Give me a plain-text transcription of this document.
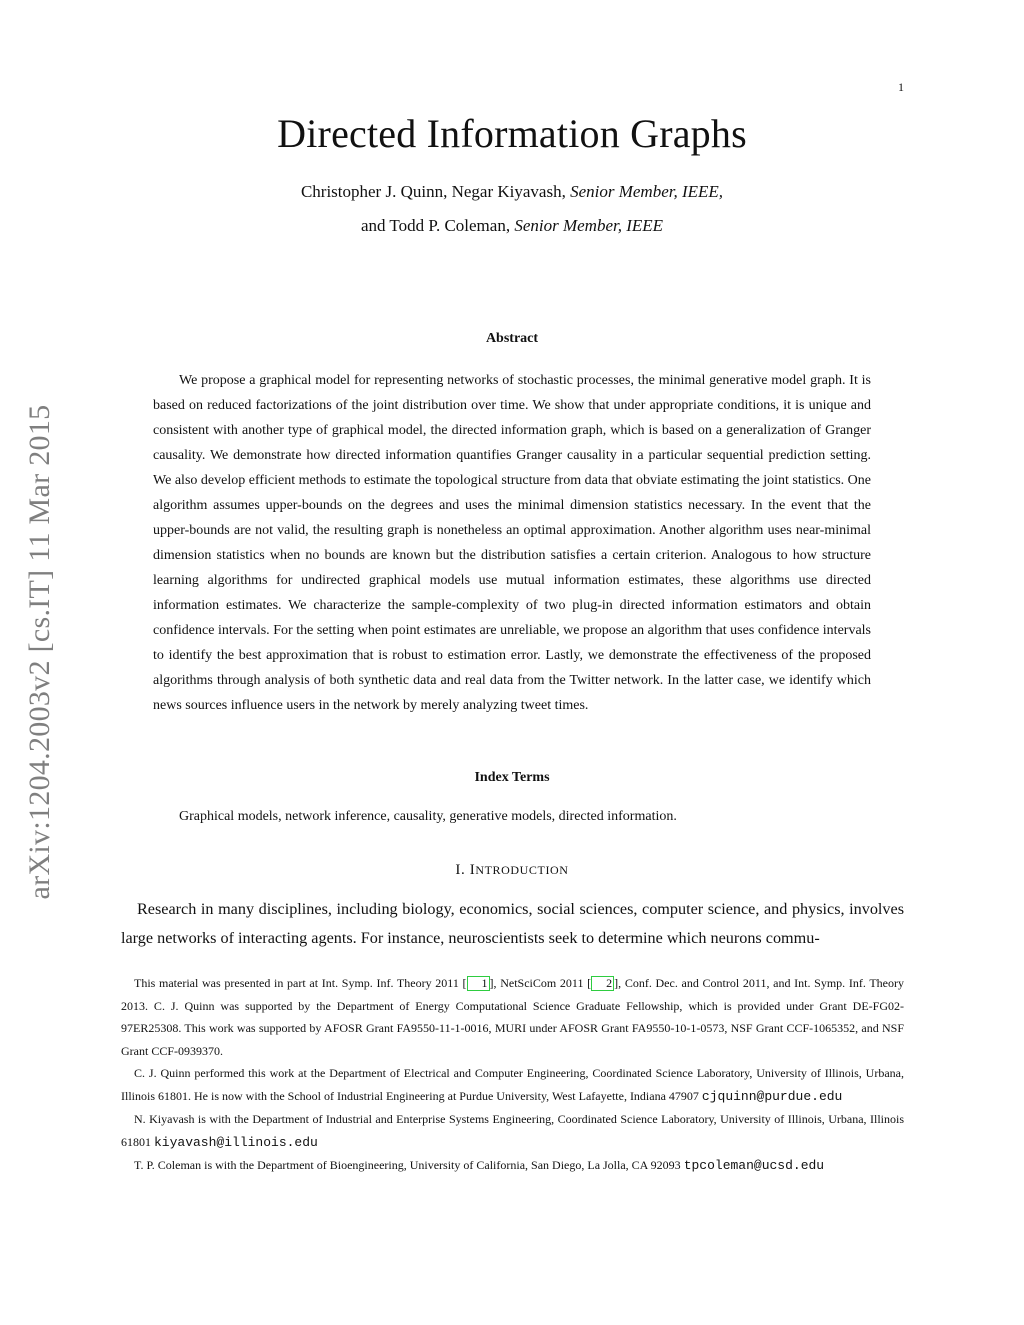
1
Directed Information Graphs
Christopher J. Quinn, Negar Kiyavash, Senior Member, IEEE,
and Todd P. Coleman, Senior Member, IEEE
Abstract
We propose a graphical model for representing networks of stochastic processes, the minimal generative model graph. It is based on reduced factorizations of the joint distribution over time. We show that under appropriate conditions, it is unique and consistent with another type of graphical model, the directed information graph, which is based on a generalization of Granger causality. We demonstrate how directed information quantifies Granger causality in a particular sequential prediction setting. We also develop efficient methods to estimate the topological structure from data that obviate estimating the joint statistics. One algorithm assumes upper-bounds on the degrees and uses the minimal dimension statistics necessary. In the event that the upper-bounds are not valid, the resulting graph is nonetheless an optimal approximation. Another algorithm uses near-minimal dimension statistics when no bounds are known but the distribution satisfies a certain criterion. Analogous to how structure learning algorithms for undirected graphical models use mutual information estimates, these algorithms use directed information estimates. We characterize the sample-complexity of two plug-in directed information estimators and obtain confidence intervals. For the setting when point estimates are unreliable, we propose an algorithm that uses confidence intervals to identify the best approximation that is robust to estimation error. Lastly, we demonstrate the effectiveness of the proposed algorithms through analysis of both synthetic data and real data from the Twitter network. In the latter case, we identify which news sources influence users in the network by merely analyzing tweet times.
Index Terms
Graphical models, network inference, causality, generative models, directed information.
I. INTRODUCTION
Research in many disciplines, including biology, economics, social sciences, computer science, and physics, involves large networks of interacting agents. For instance, neuroscientists seek to determine which neurons commu-

This material was presented in part at Int. Symp. Inf. Theory 2011 [ 1 ], NetSciCom 2011 [ 2 ], Conf. Dec. and Control 2011, and Int. Symp. Inf. Theory 2013. C. J. Quinn was supported by the Department of Energy Computational Science Graduate Fellowship, which is provided under Grant DE-FG02-97ER25308. This work was supported by AFOSR Grant FA9550-11-1-0016, MURI under AFOSR Grant FA9550-10-1-0573, NSF Grant CCF-1065352, and NSF Grant CCF-0939370.

C. J. Quinn performed this work at the Department of Electrical and Computer Engineering, Coordinated Science Laboratory, University of Illinois, Urbana, Illinois 61801. He is now with the School of Industrial Engineering at Purdue University, West Lafayette, Indiana 47907 cjquinn@purdue.edu

N. Kiyavash is with the Department of Industrial and Enterprise Systems Engineering, Coordinated Science Laboratory, University of Illinois, Urbana, Illinois 61801 kiyavash@illinois.edu

T. P. Coleman is with the Department of Bioengineering, University of California, San Diego, La Jolla, CA 92093 tpcoleman@ucsd.edu

arXiv:1204.2003v2 [cs.IT] 11 Mar 2015
